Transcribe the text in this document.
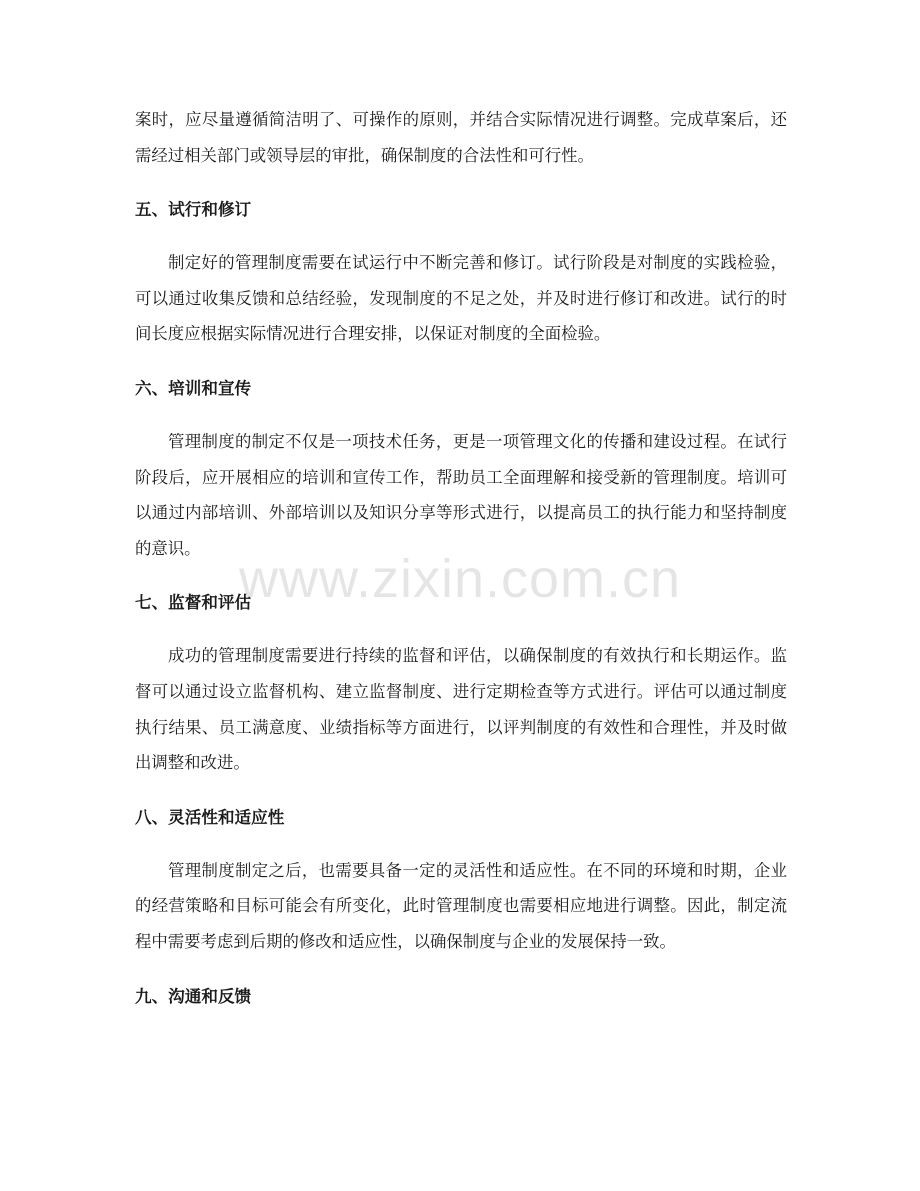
案时，应尽量遵循简洁明了、可操作的原则，并结合实际情况进行调整。完成草案后，还需经过相关部门或领导层的审批，确保制度的合法性和可行性。

五、试行和修订

制定好的管理制度需要在试运行中不断完善和修订。试行阶段是对制度的实践检验，可以通过收集反馈和总结经验，发现制度的不足之处，并及时进行修订和改进。试行的时间长度应根据实际情况进行合理安排，以保证对制度的全面检验。

六、培训和宣传

管理制度的制定不仅是一项技术任务，更是一项管理文化的传播和建设过程。在试行阶段后，应开展相应的培训和宣传工作，帮助员工全面理解和接受新的管理制度。培训可以通过内部培训、外部培训以及知识分享等形式进行，以提高员工的执行能力和坚持制度的意识。

七、监督和评估

成功的管理制度需要进行持续的监督和评估，以确保制度的有效执行和长期运作。监督可以通过设立监督机构、建立监督制度、进行定期检查等方式进行。评估可以通过制度执行结果、员工满意度、业绩指标等方面进行，以评判制度的有效性和合理性，并及时做出调整和改进。

八、灵活性和适应性

管理制度制定之后，也需要具备一定的灵活性和适应性。在不同的环境和时期，企业的经营策略和目标可能会有所变化，此时管理制度也需要相应地进行调整。因此，制定流程中需要考虑到后期的修改和适应性，以确保制度与企业的发展保持一致。

九、沟通和反馈
www.zixin.com.cn
